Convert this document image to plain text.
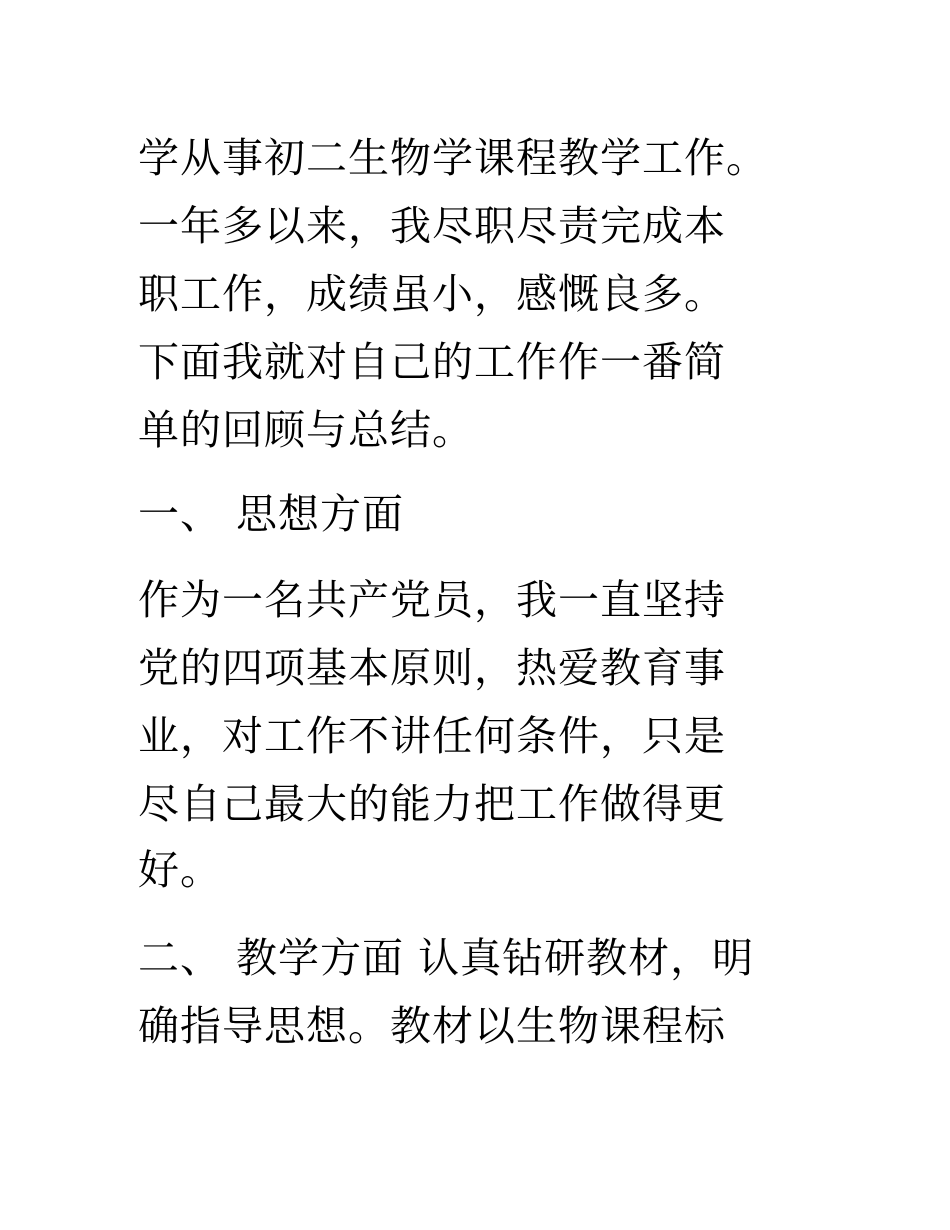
学从事初二生物学课程教学工作。

一年多以来，我尽职尽责完成本

职工作，成绩虽小，感慨良多。

下面我就对自己的工作作一番简

单的回顾与总结。

一、 思想方面

作为一名共产党员，我一直坚持

党的四项基本原则，热爱教育事

业，对工作不讲任何条件，只是

尽自己最大的能力把工作做得更

好。

二、 教学方面 认真钻研教材，明

确指导思想。教材以生物课程标
